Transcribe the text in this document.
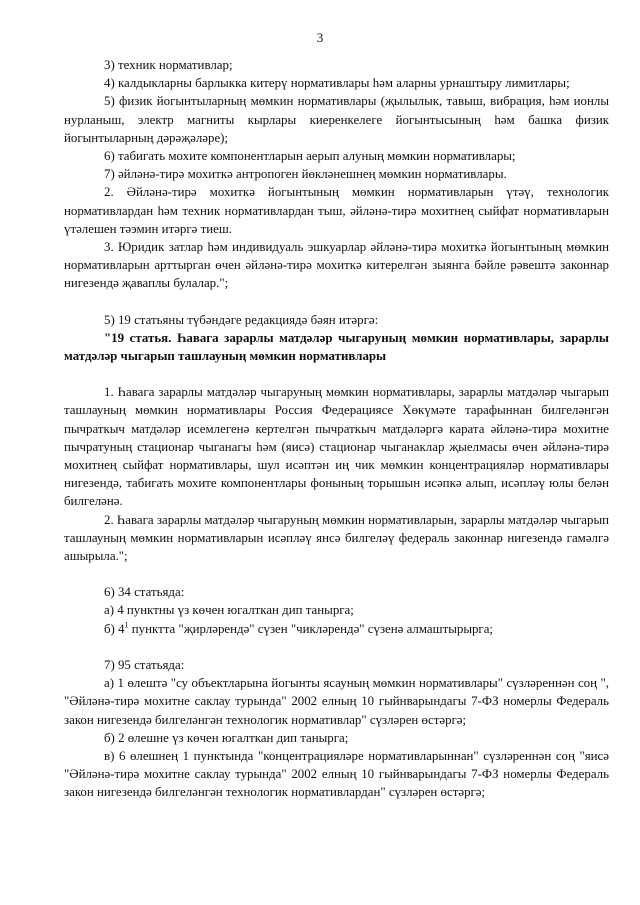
3

3) техник нормативлар;

4) калдыкларны барлыкка китерү нормативлары һәм аларны урнаштыру лимитлары;

5) физик йогынтыларның мөмкин нормативлары (җылылык, тавыш, вибрация, һәм ионлы нурланыш, электр магниты кырлары киеренкелеге йогынтысының һәм башка физик йогынтыларның дәрәҗәләре);

6) табигать мохите компонентларын аерып алуның мөмкин нормативлары;

7) әйләнә-тирә мохиткә антропоген йөкләнешнең мөмкин нормативлары.

2. Әйләнә-тирә мохиткә йогынтының мөмкин нормативларын үтәү, технологик нормативлардан һәм техник нормативлардан тыш, әйләнә-тирә мохитнең сыйфат нормативларын үтәлешен тәэмин итәргә тиеш.

3. Юридик затлар һәм индивидуаль эшкуарлар әйләнә-тирә мохиткә йогынтының мөмкин нормативларын арттырган өчен әйләнә-тирә мохиткә китерелгән зыянга бәйле рәвештә законнар нигезендә җаваплы булалар.";

5) 19 статьяны түбәндәге редакциядә бәян итәргә:

"19 статья. Һавага зарарлы матдәләр чыгаруның мөмкин нормативлары, зарарлы матдәләр чыгарып ташлауның мөмкин нормативлары

1. Һавага зарарлы матдәләр чыгаруның мөмкин нормативлары, зарарлы матдәләр чыгарып ташлауның мөмкин нормативлары Россия Федерациясе Хөкүмәте тарафыннан билгеләнгән пычраткыч матдәләр исемлегенә кертелгән пычраткыч матдәләргә карата әйләнә-тирә мохитне пычратуның стационар чыганагы һәм (яисә) стационар чыганаклар җыелмасы өчен әйләнә-тирә мохитнең сыйфат нормативлары, шул исәптән иң чик мөмкин концентрацияләр нормативлары нигезендә, табигать мохите компонентлары фонының торышын исәпкә алып, исәпләү юлы белән билгеләнә.

2. Һавага зарарлы матдәләр чыгаруның мөмкин нормативларын, зарарлы матдәләр чыгарып ташлауның мөмкин нормативларын исәпләү янсә билгеләү федераль законнар нигезендә гамәлгә ашырыла.";

6) 34 статьяда:

а) 4 пунктны үз көчен югалткан дип танырга;

б) $4^1$ пунктта "җирләрендә" сүзен "чикләрендә" сүзенә алмаштырырга;

7) 95 статьяда:

а) 1 өлештә "су объектларына йогынты ясауның мөмкин нормативлары" сүзләреннән соң ", "Әйләнә-тирә мохитне саклау турында" 2002 елның 10 гыйнварындагы 7-ФЗ номерлы Федераль закон нигезендә билгеләнгән технологик нормативлар" сүзләрен өстәргә;

б) 2 өлешне үз көчен югалткан дип танырга;

в) 6 өлешнең 1 пунктында "концентрацияләре нормативларыннан" сүзләреннән соң "яисә "Әйләнә-тирә мохитне саклау турында" 2002 елның 10 гыйнварындагы 7-ФЗ номерлы Федераль закон нигезендә билгеләнгән технологик нормативлардан" сүзләрен өстәргә;
